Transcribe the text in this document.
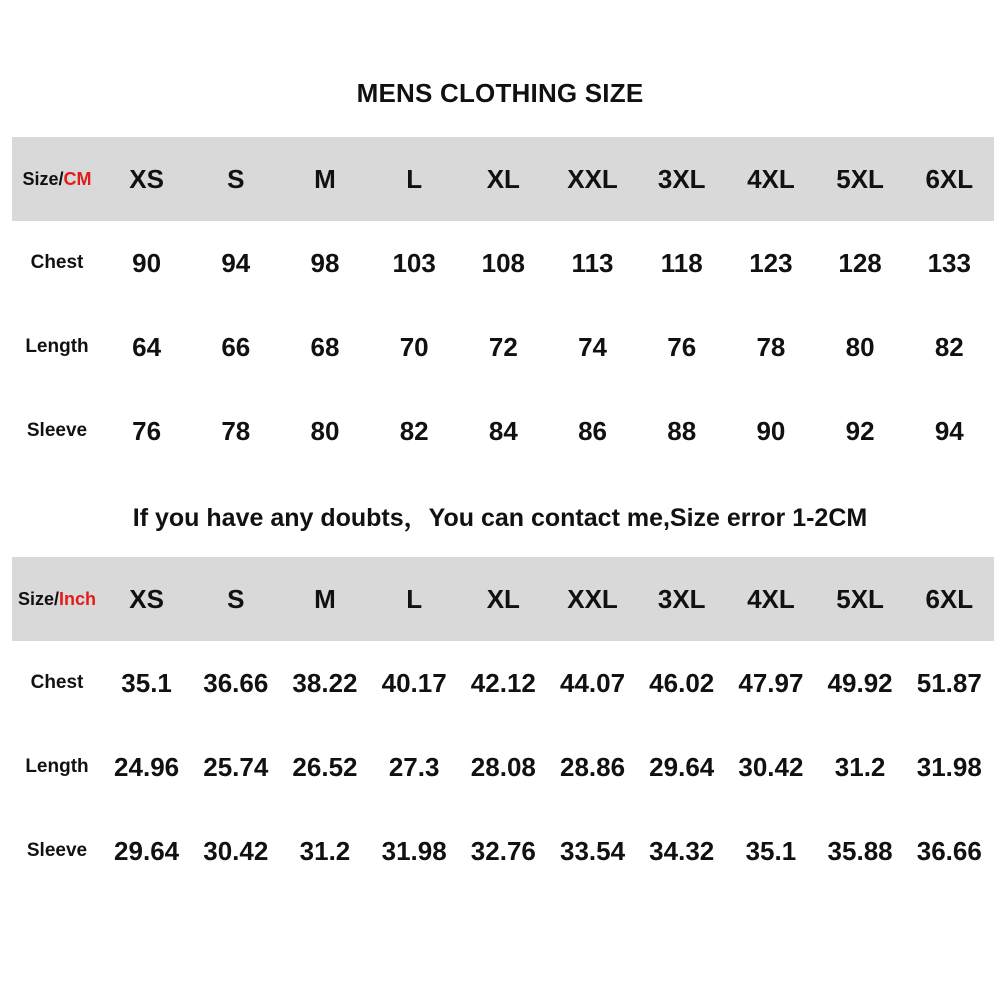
MENS CLOTHING SIZE
Size/CM	XS	S	M	L	XL	XXL	3XL	4XL	5XL	6XL
Chest	90	94	98	103	108	113	118	123	128	133
Length	64	66	68	70	72	74	76	78	80	82
Sleeve	76	78	80	82	84	86	88	90	92	94
If you have any doubts，You can contact me,Size error 1-2CM
Size/Inch	XS	S	M	L	XL	XXL	3XL	4XL	5XL	6XL
Chest	35.1	36.66 38.22 40.17 42.12 44.07 46.02 47.97 49.92 51.87
Length 24.96 25.74 26.52	27.3	28.08 28.86 29.64 30.42	31.2	31.98
Sleeve	29.64 30.42	31.2	31.98 32.76 33.54 34.32	35.1	35.88 36.66
